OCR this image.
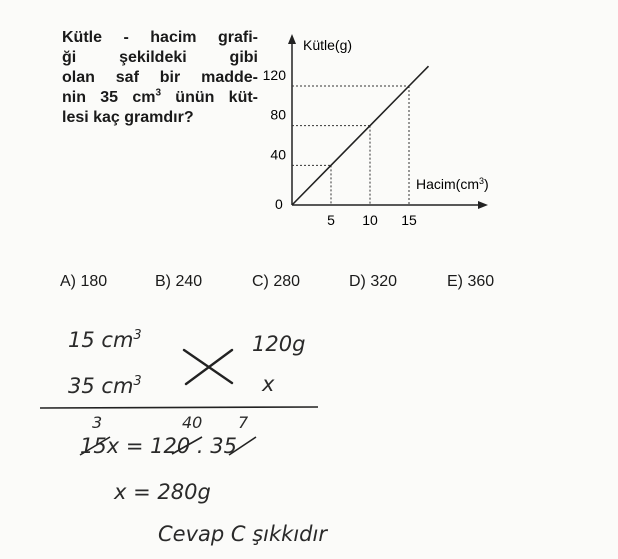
Kütle - hacim grafi-
ği şekildeki gibi
olan saf bir madde-
nin 35 $cm^3$ ünün küt-
lesi kaç gramdır?
5 10 15
40
80
120
Kütle(g)
$Hacim(cm^3)$
0
A) 180	B) 240	C) 280	D) 320	E) 360
15 $cm^3$	120g
35 $cm^3$	x
3	40 7
15x = 120 . 35
x = 280g
Cevap C şıkkıdır
